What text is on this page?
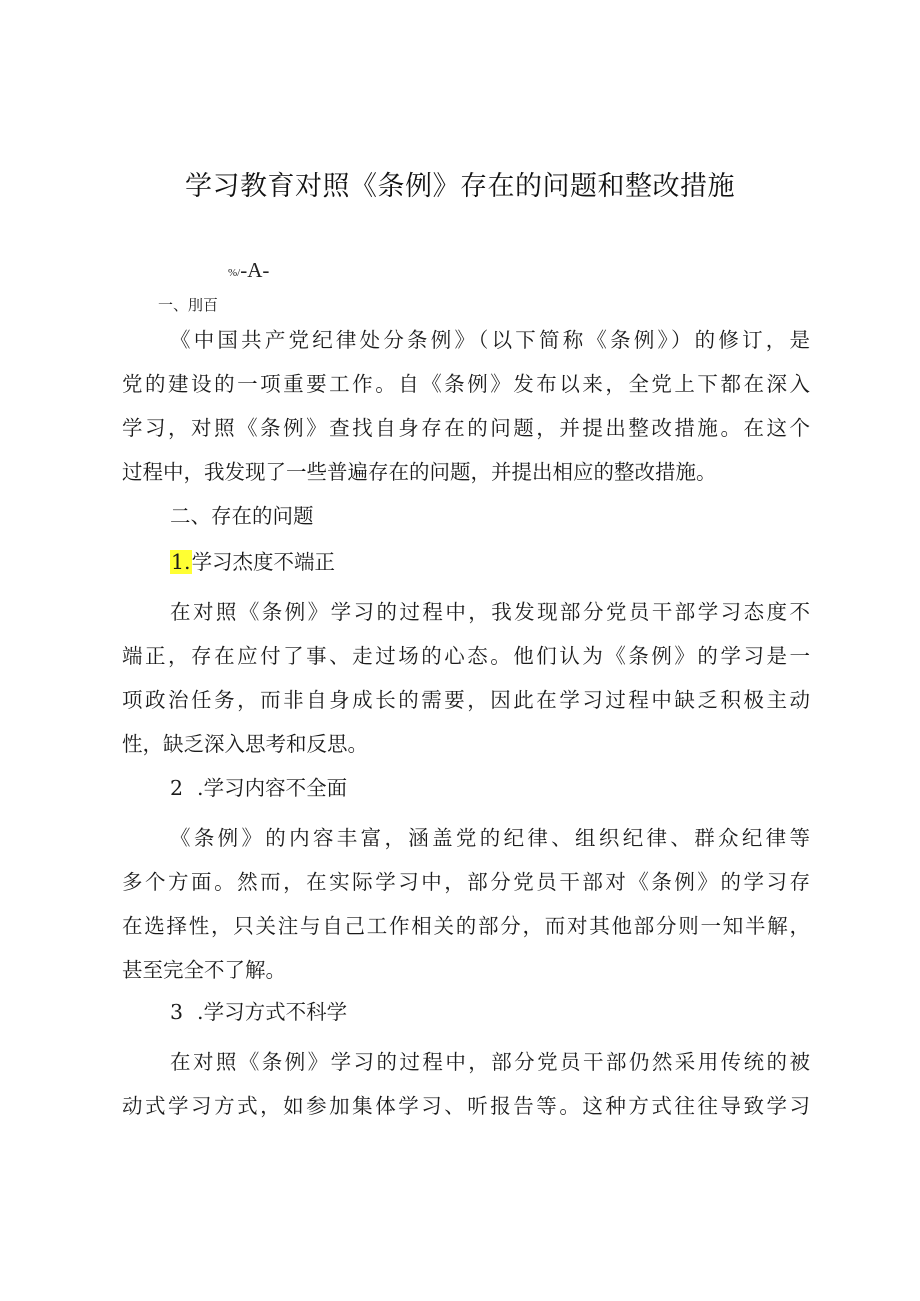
学习教育对照《条例》存在的问题和整改措施
%/-A-
一、刖百
《中国共产党纪律处分条例》（以下简称《条例》）的修订，是
党的建设的一项重要工作。自《条例》发布以来，全党上下都在深入
学习，对照《条例》查找自身存在的问题，并提出整改措施。在这个
过程中，我发现了一些普遍存在的问题，并提出相应的整改措施。
二、存在的问题
1.学习杰度不端正
在对照《条例》学习的过程中，我发现部分党员干部学习态度不
端正，存在应付了事、走过场的心态。他们认为《条例》的学习是一
项政治任务，而非自身成长的需要，因此在学习过程中缺乏积极主动
性，缺乏深入思考和反思。
2 .学习内容不全面
《条例》的内容丰富，涵盖党的纪律、组织纪律、群众纪律等
多个方面。然而，在实际学习中，部分党员干部对《条例》的学习存
在选择性，只关注与自己工作相关的部分，而对其他部分则一知半解，
甚至完全不了解。
3 .学习方式不科学
在对照《条例》学习的过程中，部分党员干部仍然采用传统的被
动式学习方式，如参加集体学习、听报告等。这种方式往往导致学习
